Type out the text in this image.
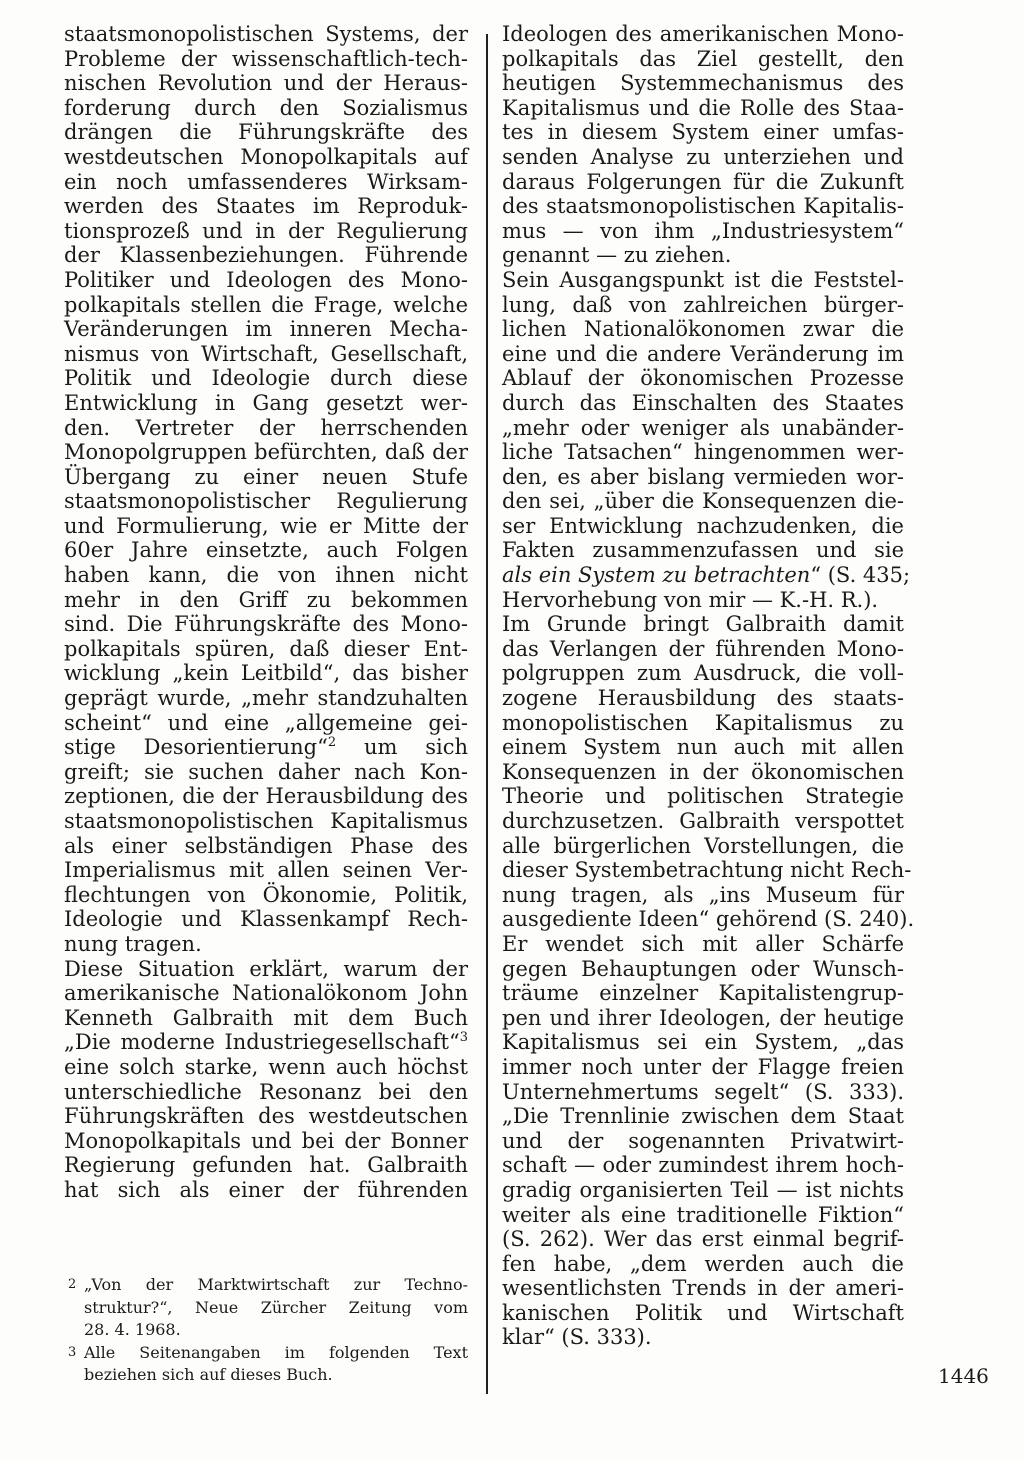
staatsmonopolistischen Systems, der
Probleme der wissenschaftlich-tech-
nischen Revolution und der Heraus-
forderung durch den Sozialismus
drängen die Führungskräfte des
westdeutschen Monopolkapitals auf
ein noch umfassenderes Wirksam-
werden des Staates im Reproduk-
tionsprozeß und in der Regulierung
der Klassenbeziehungen. Führende
Politiker und Ideologen des Mono-
polkapitals stellen die Frage, welche
Veränderungen im inneren Mecha-
nismus von Wirtschaft, Gesellschaft,
Politik und Ideologie durch diese
Entwicklung in Gang gesetzt wer-
den. Vertreter der herrschenden
Monopolgruppen befürchten, daß der
Übergang zu einer neuen Stufe
staatsmonopolistischer Regulierung
und Formulierung, wie er Mitte der
60er Jahre einsetzte, auch Folgen
haben kann, die von ihnen nicht
mehr in den Griff zu bekommen
sind. Die Führungskräfte des Mono-
polkapitals spüren, daß dieser Ent-
wicklung „kein Leitbild“, das bisher
geprägt wurde, „mehr standzuhalten
scheint“ und eine „allgemeine gei-
stige Desorientierung“$^2$ um sich
greift; sie suchen daher nach Kon-
zeptionen, die der Herausbildung des
staatsmonopolistischen Kapitalismus
als einer selbständigen Phase des
Imperialismus mit allen seinen Ver-
flechtungen von Ökonomie, Politik,
Ideologie und Klassenkampf Rech-
nung tragen.
Diese Situation erklärt, warum der
amerikanische Nationalökonom John
Kenneth Galbraith mit dem Buch
„Die moderne Industriegesellschaft“$^3$
eine solch starke, wenn auch höchst
unterschiedliche Resonanz bei den
Führungskräften des westdeutschen
Monopolkapitals und bei der Bonner
Regierung gefunden hat. Galbraith
hat sich als einer der führenden
Ideologen des amerikanischen Mono-
polkapitals das Ziel gestellt, den
heutigen Systemmechanismus des
Kapitalismus und die Rolle des Staa-
tes in diesem System einer umfas-
senden Analyse zu unterziehen und
daraus Folgerungen für die Zukunft
des staatsmonopolistischen Kapitalis-
mus — von ihm „Industriesystem“
genannt — zu ziehen.
Sein Ausgangspunkt ist die Feststel-
lung, daß von zahlreichen bürger-
lichen Nationalökonomen zwar die
eine und die andere Veränderung im
Ablauf der ökonomischen Prozesse
durch das Einschalten des Staates
„mehr oder weniger als unabänder-
liche Tatsachen“ hingenommen wer-
den, es aber bislang vermieden wor-
den sei, „über die Konsequenzen die-
ser Entwicklung nachzudenken, die
Fakten zusammenzufassen und sie
als ein System zu betrachten“ (S. 435;
Hervorhebung von mir — K.-H. R.).
Im Grunde bringt Galbraith damit
das Verlangen der führenden Mono-
polgruppen zum Ausdruck, die voll-
zogene Herausbildung des staats-
monopolistischen Kapitalismus zu
einem System nun auch mit allen
Konsequenzen in der ökonomischen
Theorie und politischen Strategie
durchzusetzen. Galbraith verspottet
alle bürgerlichen Vorstellungen, die
dieser Systembetrachtung nicht Rech-
nung tragen, als „ins Museum für
ausgediente Ideen“ gehörend (S. 240).
Er wendet sich mit aller Schärfe
gegen Behauptungen oder Wunsch-
träume einzelner Kapitalistengrup-
pen und ihrer Ideologen, der heutige
Kapitalismus sei ein System, „das
immer noch unter der Flagge freien
Unternehmertums segelt“ (S. 333).
„Die Trennlinie zwischen dem Staat
und der sogenannten Privatwirt-
schaft — oder zumindest ihrem hoch-
gradig organisierten Teil — ist nichts
weiter als eine traditionelle Fiktion“
(S. 262). Wer das erst einmal begrif-
fen habe, „dem werden auch die
wesentlichsten Trends in der ameri-
kanischen Politik und Wirtschaft
klar“ (S. 333).
2 „Von der Marktwirtschaft zur Techno-
struktur?“, Neue Zürcher Zeitung vom
28. 4. 1968.
3 Alle Seitenangaben im folgenden Text
beziehen sich auf dieses Buch.	1446
